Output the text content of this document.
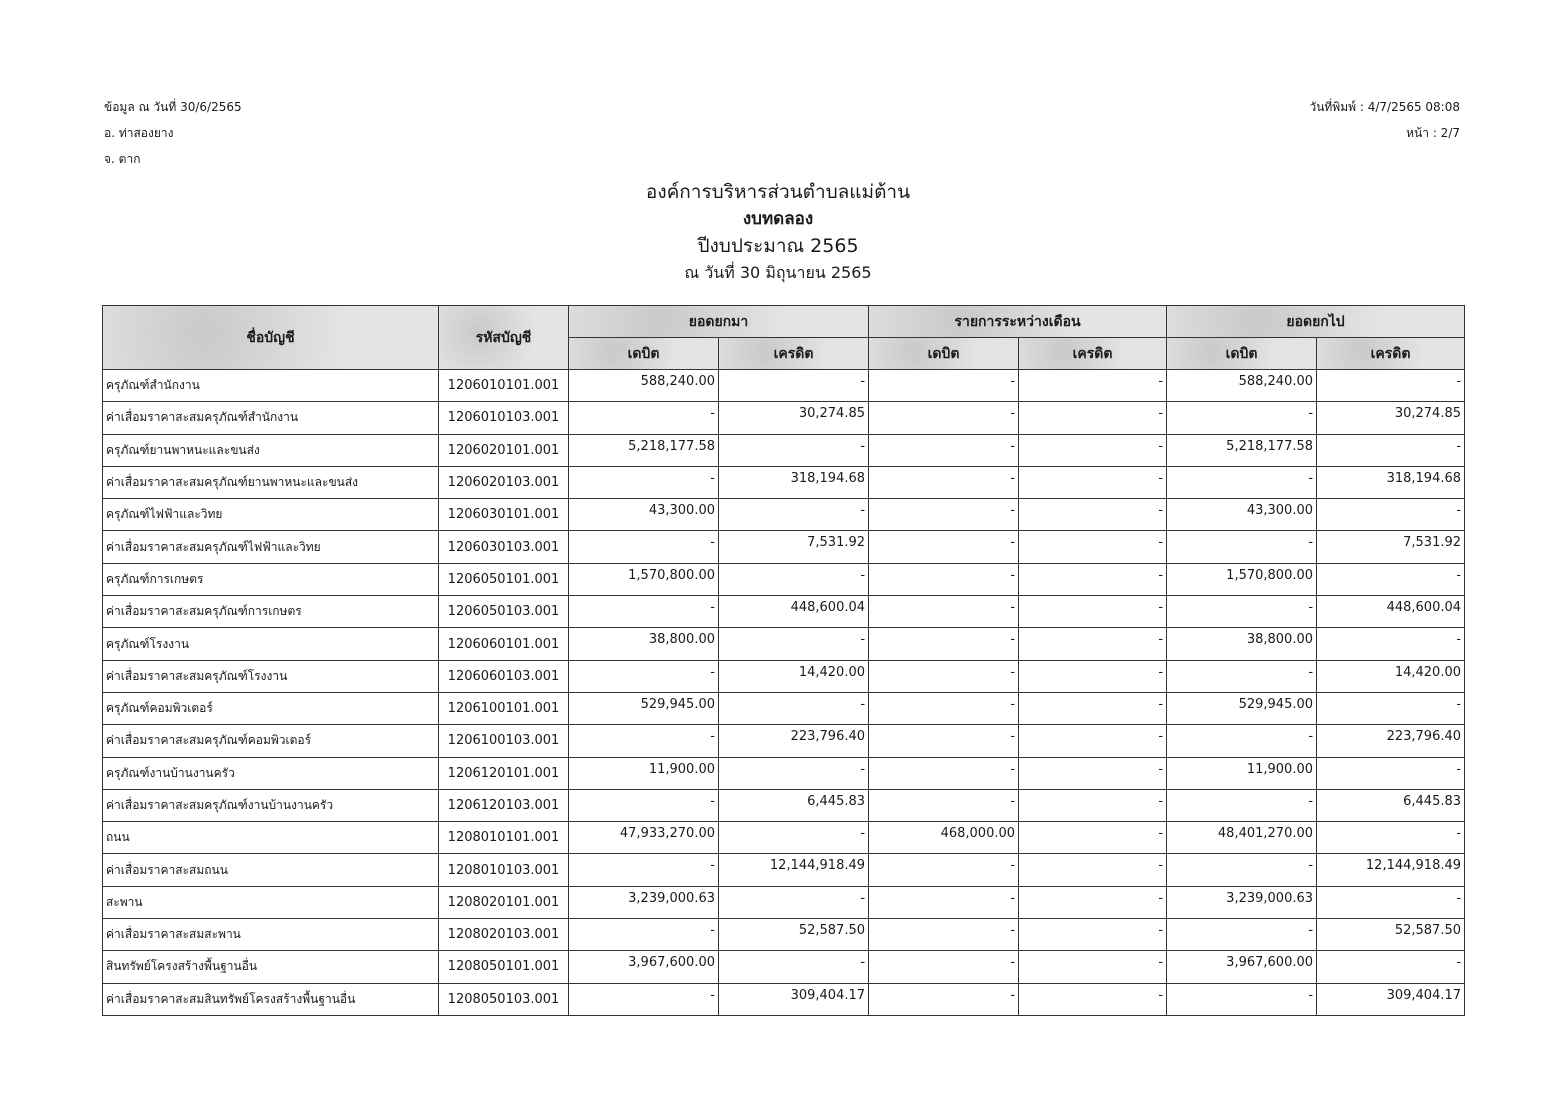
ข้อมูล ณ วันที่ 30/6/2565
อ. ท่าสองยาง
จ. ตาก
วันที่พิมพ์ : 4/7/2565 08:08
หน้า : 2/7
องค์การบริหารส่วนตำบลแม่ต้าน
งบทดลอง
ปีงบประมาณ 2565
ณ วันที่ 30 มิถุนายน 2565
ชื่อบัญชี	รหัสบัญชี	ยอดยกมา		รายการระหว่างเดือน		ยอดยกไป	
		เดบิต	เครดิต	เดบิต	เครดิต	เดบิต	เครดิต
ครุภัณฑ์สำนักงาน	1206010101.001	588,240.00	-	-	-	588,240.00	-
ค่าเสื่อมราคาสะสมครุภัณฑ์สำนักงาน	1206010103.001	-	30,274.85	-	-	-	30,274.85
ครุภัณฑ์ยานพาหนะและขนส่ง	1206020101.001	5,218,177.58	-	-	-	5,218,177.58	-
ค่าเสื่อมราคาสะสมครุภัณฑ์ยานพาหนะและขนส่ง	1206020103.001	-	318,194.68	-	-	-	318,194.68
ครุภัณฑ์ไฟฟ้าและวิทย	1206030101.001	43,300.00	-	-	-	43,300.00	-
ค่าเสื่อมราคาสะสมครุภัณฑ์ไฟฟ้าและวิทย	1206030103.001	-	7,531.92	-	-	-	7,531.92
ครุภัณฑ์การเกษตร	1206050101.001	1,570,800.00	-	-	-	1,570,800.00	-
ค่าเสื่อมราคาสะสมครุภัณฑ์การเกษตร	1206050103.001	-	448,600.04	-	-	-	448,600.04
ครุภัณฑ์โรงงาน	1206060101.001	38,800.00	-	-	-	38,800.00	-
ค่าเสื่อมราคาสะสมครุภัณฑ์โรงงาน	1206060103.001	-	14,420.00	-	-	-	14,420.00
ครุภัณฑ์คอมพิวเตอร์	1206100101.001	529,945.00	-	-	-	529,945.00	-
ค่าเสื่อมราคาสะสมครุภัณฑ์คอมพิวเตอร์	1206100103.001	-	223,796.40	-	-	-	223,796.40
ครุภัณฑ์งานบ้านงานครัว	1206120101.001	11,900.00	-	-	-	11,900.00	-
ค่าเสื่อมราคาสะสมครุภัณฑ์งานบ้านงานครัว	1206120103.001	-	6,445.83	-	-	-	6,445.83
ถนน	1208010101.001	47,933,270.00	-	468,000.00	-	48,401,270.00	-
ค่าเสื่อมราคาสะสมถนน	1208010103.001	-	12,144,918.49	-	-	-	12,144,918.49
สะพาน	1208020101.001	3,239,000.63	-	-	-	3,239,000.63	-
ค่าเสื่อมราคาสะสมสะพาน	1208020103.001	-	52,587.50	-	-	-	52,587.50
สินทรัพย์โครงสร้างพื้นฐานอื่น	1208050101.001	3,967,600.00	-	-	-	3,967,600.00	-
ค่าเสื่อมราคาสะสมสินทรัพย์โครงสร้างพื้นฐานอื่น	1208050103.001	-	309,404.17	-	-	-	309,404.17
